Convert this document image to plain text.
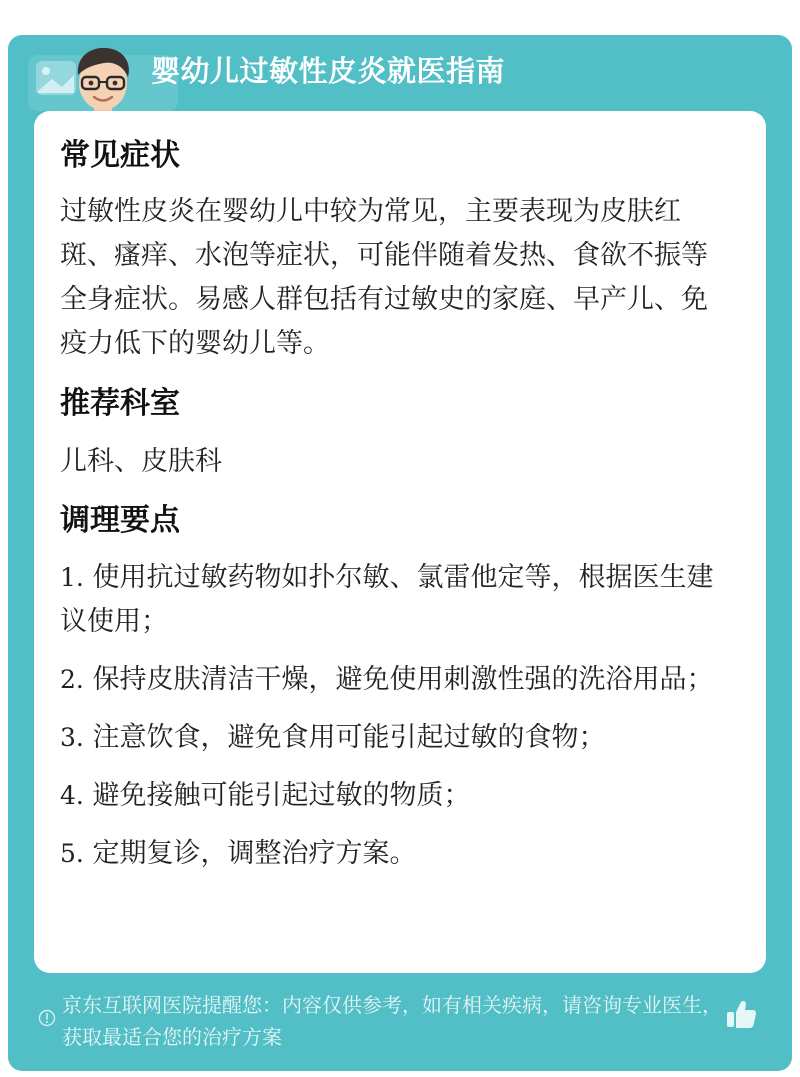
婴幼儿过敏性皮炎就医指南
常见症状

过敏性皮炎在婴幼儿中较为常见，主要表现为皮肤红斑、瘙痒、水泡等症状，可能伴随着发热、食欲不振等全身症状。易感人群包括有过敏史的家庭、早产儿、免疫力低下的婴幼儿等。

推荐科室

儿科、皮肤科

调理要点
1. 使用抗过敏药物如扑尔敏、氯雷他定等，根据医生建议使用；
2. 保持皮肤清洁干燥，避免使用刺激性强的洗浴用品；
3. 注意饮食，避免食用可能引起过敏的食物；
4. 避免接触可能引起过敏的物质；
5. 定期复诊，调整治疗方案。

京东互联网医院提醒您：内容仅供参考，如有相关疾病，请咨询专业医生，获取最适合您的治疗方案
